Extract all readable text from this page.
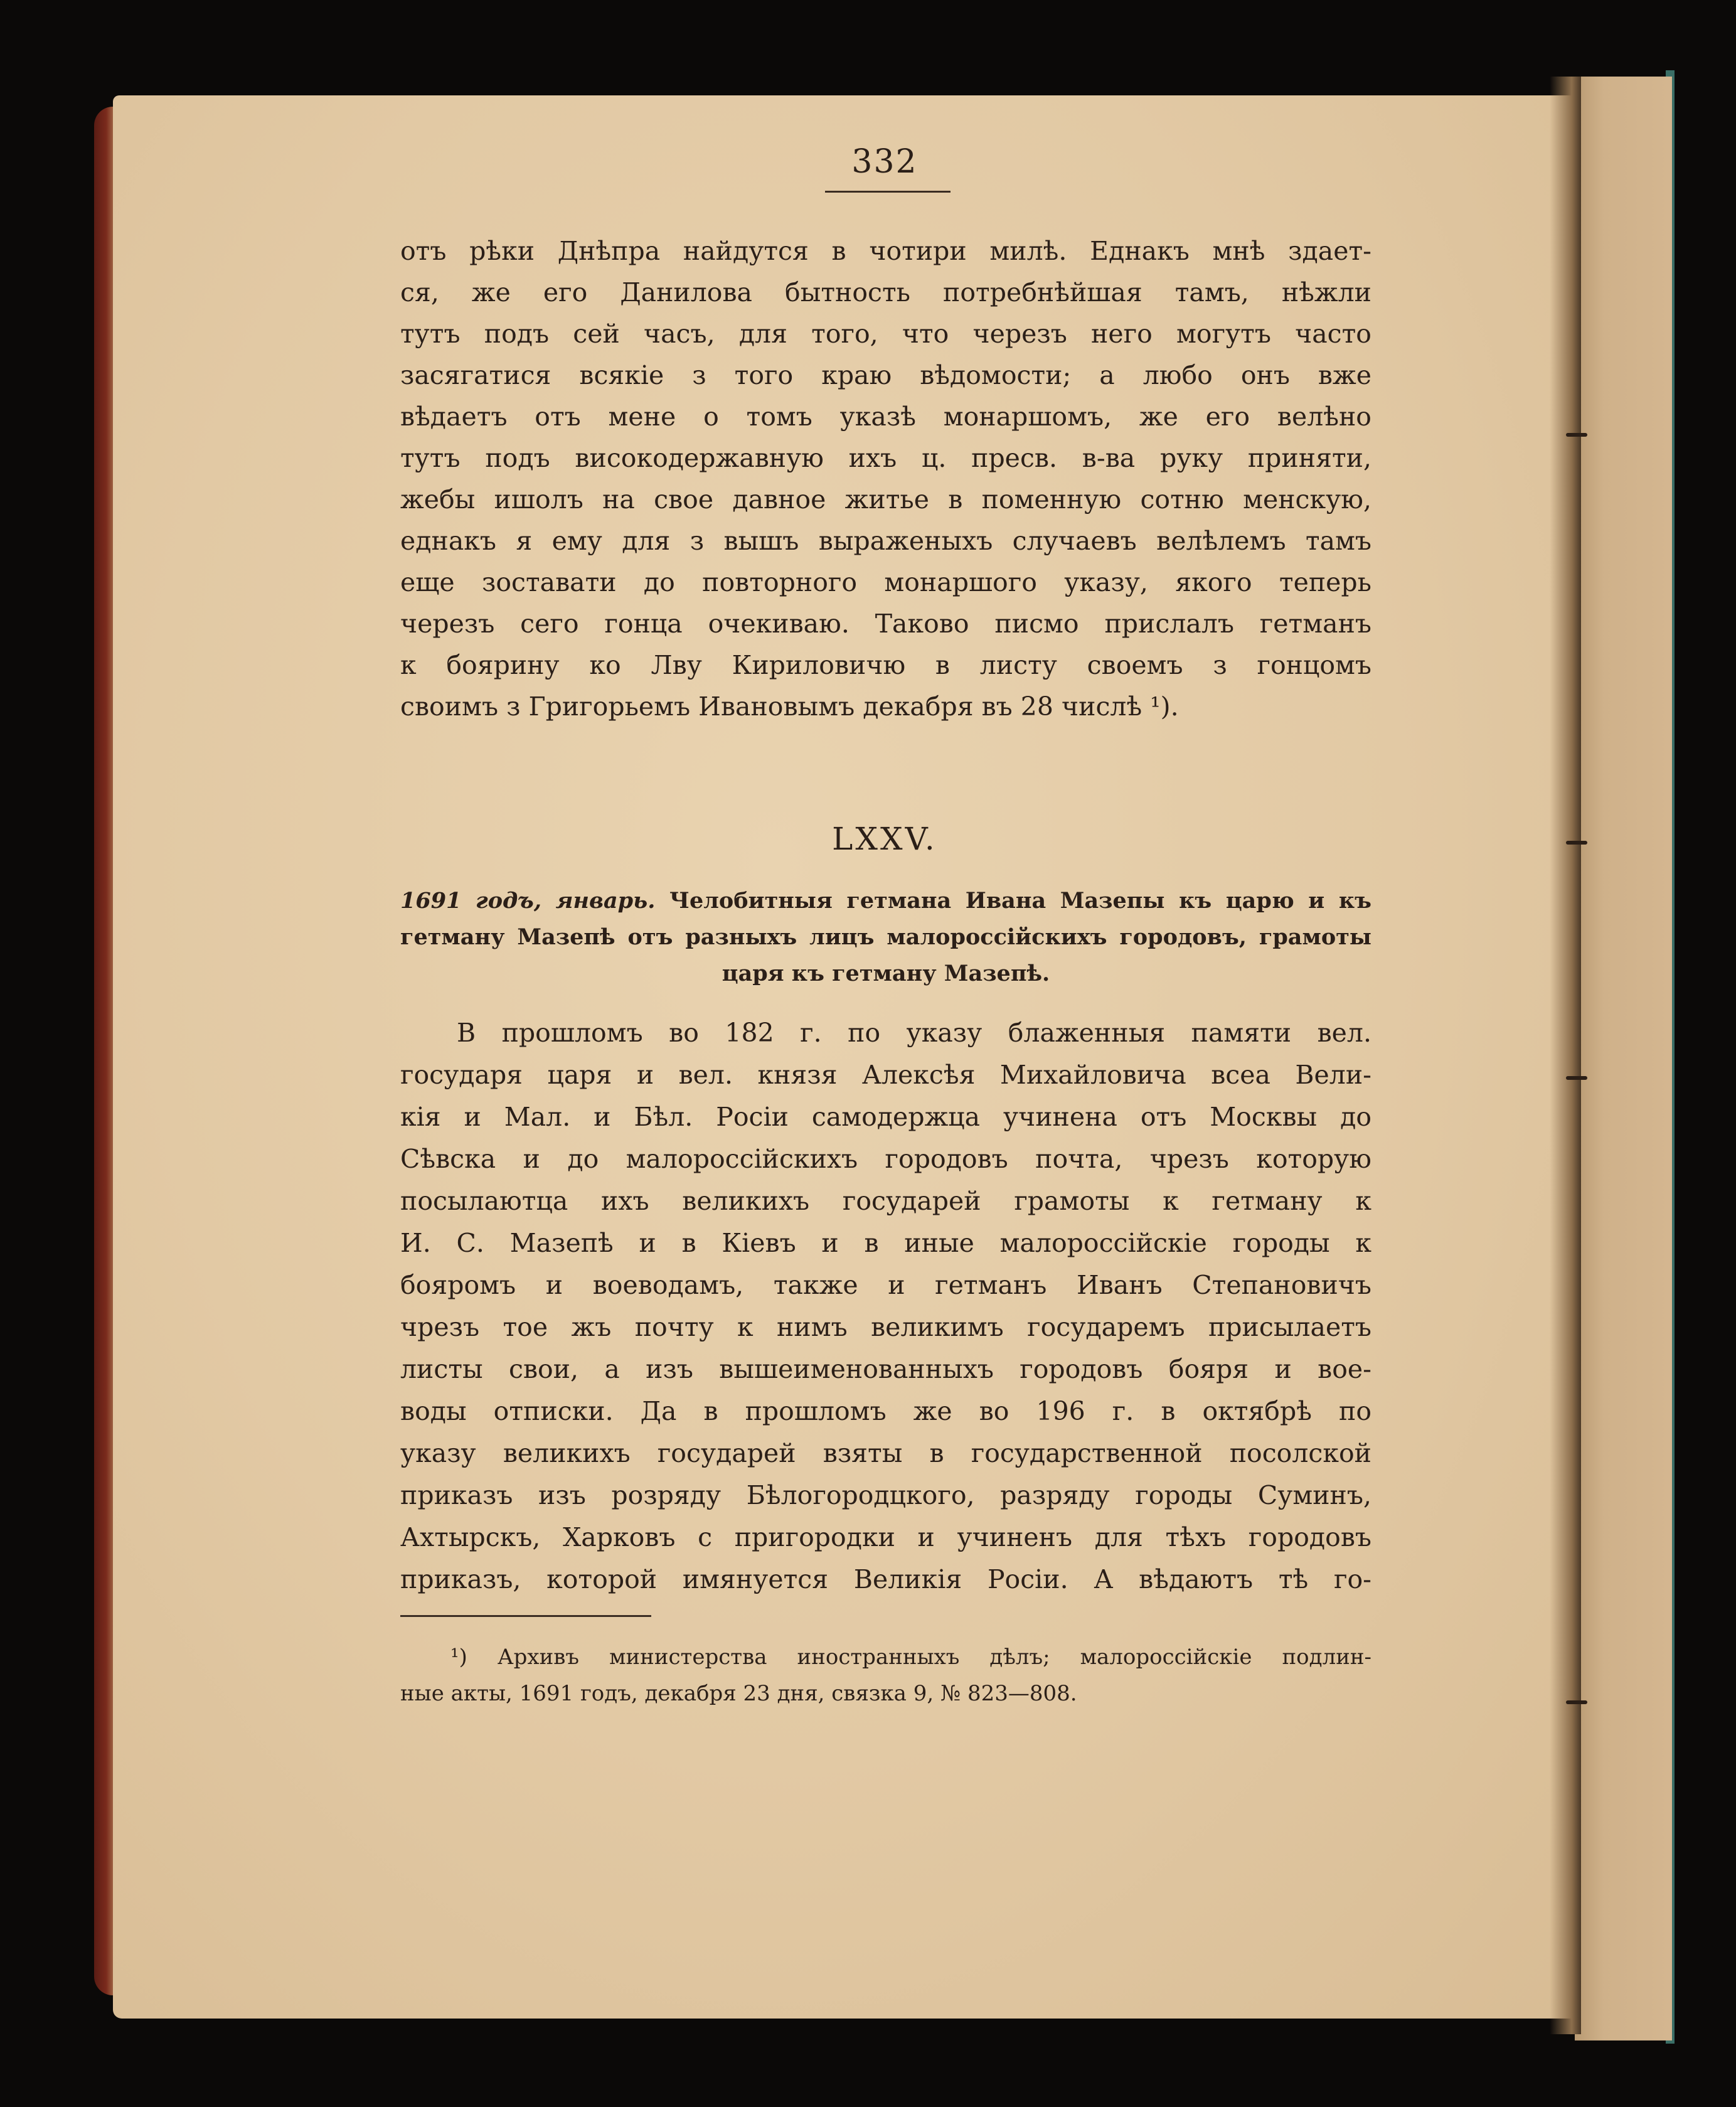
332
отъ рѣки Днѣпра найдутся в чотири милѣ. Еднакъ мнѣ здает-
ся, же его Данилова бытность потребнѣйшая тамъ, нѣжли
тутъ подъ сей часъ, для того, что черезъ него могутъ часто
засягатися всякіе з того краю вѣдомости; а любо онъ вже
вѣдаетъ отъ мене о томъ указѣ монаршомъ, же его велѣно
тутъ подъ високодержавную ихъ ц. пресв. в-ва руку приняти,
жебы ишолъ на свое давное житье в поменную сотню менскую,
еднакъ я ему для з вышъ выраженыхъ случаевъ велѣлемъ тамъ
еще зоставати до повторного монаршого указу, якого теперь
черезъ сего гонца очекиваю. Таково писмо прислалъ гетманъ
к боярину ко Лву Кириловичю в листу своемъ з гонцомъ
своимъ з Григорьемъ Ивановымъ декабря въ 28 числѣ ¹).
LXXV.
1691 годъ, январь. Челобитныя гетмана Ивана Мазепы къ царю и къ
гетману Мазепѣ отъ разныхъ лицъ малороссійскихъ городовъ, грамоты
царя къ гетману Мазепѣ.
В прошломъ во 182 г. по указу блаженныя памяти вел.
государя царя и вел. князя Алексѣя Михайловича всеа Вели-
кія и Мал. и Бѣл. Росіи самодержца учинена отъ Москвы до
Сѣвска и до малороссійскихъ городовъ почта, чрезъ которую
посылаютца ихъ великихъ государей грамоты к гетману к
И. С. Мазепѣ и в Кіевъ и в иные малороссійскіе городы к
бояромъ и воеводамъ, также и гетманъ Иванъ Степановичъ
чрезъ тое жъ почту к нимъ великимъ государемъ присылаетъ
листы свои, а изъ вышеименованныхъ городовъ бояря и вое-
воды отписки. Да в прошломъ же во 196 г. в октябрѣ по
указу великихъ государей взяты в государственной посолской
приказъ изъ розряду Бѣлогородцкого, разряду городы Суминъ,
Ахтырскъ, Харковъ с пригородки и учиненъ для тѣхъ городовъ
приказъ, которой имянуется Великія Росіи. А вѣдаютъ тѣ го-
¹) Архивъ министерства иностранныхъ дѣлъ; малороссійскіе подлин-
ные акты, 1691 годъ, декабря 23 дня, связка 9, № 823—808.
